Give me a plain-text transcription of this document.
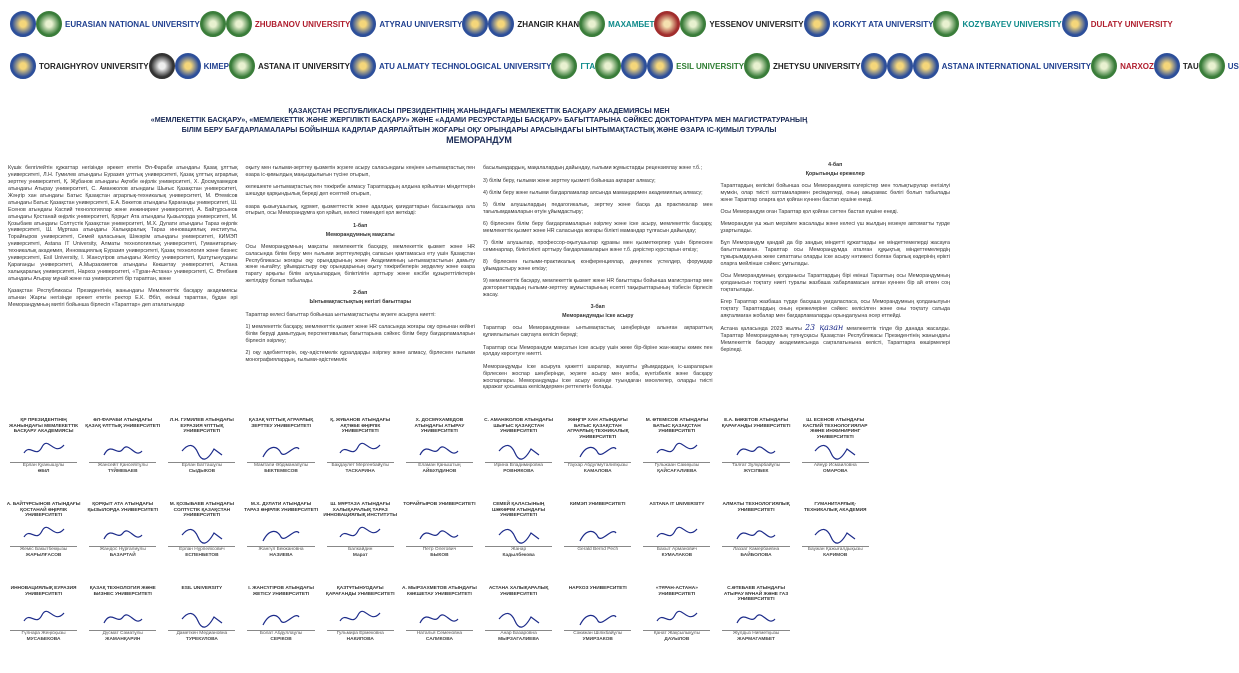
EURASIAN NATIONAL UNIVERSITY	ZHUBANOV UNIVERSITY	ATYRAU UNIVERSITY	ZHANGIR KHAN	МАХАМБЕТ	YESSENOV UNIVERSITY	KORKYT ATA UNIVERSITY	KOZYBAYEV UNIVERSITY	DULATY UNIVERSITY
TORAIGHYROV UNIVERSITY	KIMEP	ASTANA IT UNIVERSITY	ATU ALMATY TECHNOLOGICAL UNIVERSITY	ГТА	ESIL UNIVERSITY	ZHETYSU UNIVERSITY	ASTANA INTERNATIONAL UNIVERSITY	NARXOZ	TAU	US
ҚАЗАҚСТАН РЕСПУБЛИКАСЫ ПРЕЗИДЕНТІНІҢ ЖАНЫНДАҒЫ МЕМЛЕКЕТТІК БАСҚАРУ АКАДЕМИЯСЫ МЕН
«МЕМЛЕКЕТТІК БАСҚАРУ», «МЕМЛЕКЕТТІК ЖӘНЕ ЖЕРГІЛІКТІ БАСҚАРУ» ЖӘНЕ «АДАМИ РЕСУРСТАРДЫ БАСҚАРУ» БАҒЫТТАРЫНА СӘЙКЕС ДОКТОРАНТУРА МЕН МАГИСТРАТУРАНЫҢ
БІЛІМ БЕРУ БАҒДАРЛАМАЛАРЫ БОЙЫНША КАДРЛАР ДАЯРЛАЙТЫН ЖОҒАРЫ ОҚУ ОРЫНДАРЫ АРАСЫНДАҒЫ ЫНТЫМАҚТАСТЫҚ ЖӘНЕ ӨЗАРА ІС-ҚИМЫЛ ТУРАЛЫ
МЕМОРАНДУМ

Күшік белгілейтін құжаттар негізінде әрекет ететін Әл-Фараби атындағы Қазақ ұлттық университеті, Л.Н. Гумилев атындағы Еуразия ұлттық университеті, Қазақ ұлттық аграрлық зерттеу университеті, Қ. Жұбанов атындағы Ақтөбе өңірлік университеті, Х. Досмұхамедов атындағы Атырау университеті, С. Аманжолов атындағы Шығыс Қазақстан университеті, Жәңгір хан атындағы Батыс Қазақстан аграрлық-техникалық университеті, М. Өтемісов атындағы Батыс Қазақстан университеті, Е.А. Бөкетов атындағы Қарағанды университеті, Ш. Есенов атындағы Каспий технологиялар және инжиниринг университеті, А. Байтұрсынов атындағы Қостанай өңірлік университеті, Қорқыт Ата атындағы Қызылорда университеті, М. Қозыбаев атындағы Солтүстік Қазақстан университеті, М.Х. Дулати атындағы Тараз өңірлік университеті, Ш. Мұртаза атындағы Халықаралық Тараз инновациялық институты, Торайғыров университеті, Семей қаласының Шәкәрім атындағы университеті, КИМЭП университеті, Astana IT University, Алматы технологиялық университеті, Гуманитарлық-техникалық академия, Инновациялық Еуразия университеті, Қазақ технология және бизнес университеті, Esil University, І. Жансүгіров атындағы Жетісу университеті, Қазтұтынуодағы Қарағанды университеті, А.Мырзахметов атындағы Көкшетау университеті, Астана халықаралық университеті, Нархоз университеті, «Тұран-Астана» университеті, С. Өтебаев атындағы Атырау мұнай және газ университеті бір тараптан, және

Қазақстан Республикасы Президентінің жанындағы Мемлекеттік басқару академиясы атынан Жарғы негізінде әрекет ететін ректор Е.К. Әбіл, екінші тараптан, бұдан әрі Меморандумның митігі бойынша бірлесіп «Тараптар» деп аталатындар

оқыту мен ғылыми-зерттеу қызметін жүзеге асыру саласындағы кеңінен ынтымақтастық пен өзара іс-қимылдың маңыздылығын түсіне отырып,

келешекте ынтымақтастық пен тәжірибе алмасу Тараптардың алдына қойылған міндеттерін шешуде қарқындылық береді деп есептей отырып,

өзара қызығушылық, құрмет, қызметтестік және адалдық қағидаттарын басшылыққа ала отырып, осы Меморандумға қол қойып, келесі төмендегі қол жеткізді:

1-бап
Меморандумның мақсаты

Осы Меморандумның мақсаты мемлекеттік басқару, мемлекеттік қызмет және HR саласында білім беру мен ғылыми зерттеулердің сапасын қамтамасыз ету үшін Қазақстан Республикасы жоғары оқу орындарының және Академияның ынтымақтастығын дамыту және нығайту; ұйымдастыру оқу орындарының оқыту тәжірибелерін зерделеу және өзара тарату арқылы білім алушылардың біліктілігін арттыру және кәсіби құзыреттіліктерін жетілдіру болып табылады.

2-бап
Ынтымақтастықтың негізгі бағыттары

Тараптар келесі бағыттар бойынша ынтымақтастықты жүзеге асыруға ниетті:

1) мемлекеттік басқару, мемлекеттік қызмет және HR саласында жоғары оқу орнынан кейінгі білім беруді дамытудың перспективалық бағыттарына сәйкес білім беру бағдарламаларын бірлесіп әзірлеу;

2) оқу әдебиеттерін, оқу-әдістемелік құралдарды әзірлеу және алмасу, бірлескен ғылыми монографиялардың, ғылыми-әдістемелік

басылымдардың, мақалалардың дайындау, ғылыми жұмыстарды рецензиялау және т.б.;

3) білім беру, ғылыми және зерттеу қызметі бойынша ақпарат алмасу;

4) білім беру және ғылыми бағдарламалар аясында мамандармен академиялық алмасу;

5) білім алушылардың педагогикалық, зерттеу және басқа да практикалар мен тағылымдамаларын өтуін ұйымдастыру;

6) бірлескен білім беру бағдарламаларын әзірлеу және іске асыру, мемлекеттік басқару, мемлекеттік қызмет және HR саласында жоғары білікті мамандар тұлғасын дайындау;

7) білім алушылар, профессор-оқытушылар құрамы мен қызметкерлер үшін бірлескен семинарлар, біліктілікті арттыру бағдарламаларын және т.б. дәрістер курстарын өткізу;

8) бірлескен ғылыми-практикалық конференциялар, дөңгелек үстелдер, форумдар ұйымдастыру және өткізу;

9) мемлекеттік басқару, мемлекеттік қызмет және HR бағыттары бойынша магистрантар мен докторанттардың ғылыми-зерттеу жұмыстарының есепті тақырыптарының тізбесін бірлесіп жасау.

3-бап
Меморандумды іске асыру

Тараптар осы Меморандумнан ынтымақтастық шеңберінде алынған ақпараттың құпиялылығын сақтауға келісіп береді;

Тараптар осы Меморандум мақсатын іске асыру үшін жеке бір-бірінe жан-жақты көмек пен қолдау көрсетуге ниетті.

Меморандумды іске асыруға қажетті шаралар, жауапты ұйымдардың іс-шараларын бірлескен жоспар шеңберінде, жүзеге асыру мен жоба, күнтізбелік және басқару жоспарлары. Меморандумды іске асыру кезінде туындаған мәселелер, оларды тиісті қаражат қосымша келісімдермен реттелетін болады.

4-бап
Қорытынды ережелер

Тараптардың келісімі бойынша осы Меморандумға өзгерістер мен толықтырулар енгізілуі мүмкін, олар тиісті хаттамалармен ресімделеді, оның ажырамас бөлігі болып табылады және Тараптар оларға қол қойған күннен бастап күшіне енеді.

Осы Меморандум оған Тараптар қол қойған сәттен бастап күшіне енеді.

Меморандум үш жыл мерзімге жасалады және келесі үш жылдың кезеңге автоматты түрде ұзартылады.

Бұл Меморандум қандай да бір заңдық міндетті құжаттарды не міндеттемелерді жасауға бағытталмаған. Тараптар осы Меморандумда аталған құқықтық міндеттемелердің тұжырымдауына жеке сипаттағы оларды іске асыру нәтижесі болған барлық өздерінің ерікті оларға мейлінше сәйкес ұмтылады.

Осы Меморандумның қолданысы Тараптардың бірі екінші Тараптың осы Меморандумның қолданысын тоқтату ниеті туралы жазбаша хабарламасын алған күннен бір ай өткен соң тоқтатылады.

Егер Тараптар жазбаша түрде басқаша уағдаласпаса, осы Меморандумның қолданылуын тоқтату Тараптардың оның ережелеріне сәйкес келісілген және оны тоқтату сатыда аяқталмаған жобалар мен бағдарламаларды орындалуына әсер етпейді.

Астана қаласында 2023 жылғы 23 қазан мемлекеттік тілде бір данада жасалды. Тараптар Меморандумның түпнұсқасы Қазақстан Республикасы Президентінің жанындағы Мемлекеттік басқару академиясында сақталатынына келісті, Тараптарға көшірмелері беріледі.

ҚР ПРЕЗИДЕНТІНІҢ ЖАНЫНДАҒЫ МЕМЛЕКЕТТІК БАСҚАРУ АКАДЕМИЯСЫ
Ерлан Қуанышұлы
ӘБІЛ
ӘЛ-ФАРАБИ АТЫНДАҒЫ ҚАЗАҚ ҰЛТТЫҚ УНИВЕРСИТЕТІ
Жансейіт Қансейітұлы
ТҮЙМЕБАЕВ
Л.Н. ГУМИЛЕВ АТЫНДАҒЫ ЕУРАЗИЯ ҰЛТТЫҚ УНИВЕРСИТЕТІ
Ерлан Батташұлы
СЫДЫКОВ
ҚАЗАҚ ҰЛТТЫҚ АГРАРЛЫҚ ЗЕРТТЕУ УНИВЕРСИТЕТІ
Мамтали Әбдіманапұлы
БЕКТЕМЕСОВ
Қ. ЖҰБАНОВ АТЫНДАҒЫ АҚТӨБЕ ӨҢІРЛІК УНИВЕРСИТЕТІ
Бақдаулет Мергенбайұлы
ТАСКАРИНА
Х. ДОСМҰХАМЕДОВ АТЫНДАҒЫ АТЫРАУ УНИВЕРСИТЕТІ
Еламан Қаныштың
АЙБУЛДИНОВ
С. АМАНЖОЛОВ АТЫНДАҒЫ ШЫҒЫС ҚАЗАҚСТАН УНИВЕРСИТЕТІ
Ирина Владимировна
РОВНЯКОВА
ЖӘҢГІР ХАН АТЫНДАҒЫ БАТЫС ҚАЗАҚСТАН АГРАРЛЫҚ-ТЕХНИКАЛЫҚ УНИВЕРСИТЕТІ
Гаухар Абдулмуталипқызы
КАМАЛОВА
М. ӨТЕМІСОВ АТЫНДАҒЫ БАТЫС ҚАЗАҚСТАН УНИВЕРСИТЕТІ
Гульжаан Сакиқызы
ҚАЙСАҒАЛИЕВА
Е.А. БӨКЕТОВ АТЫНДАҒЫ ҚАРАҒАНДЫ УНИВЕРСИТЕТІ
Талғат Зұлқарбайұлы
ЖҮСІПБЕК
Ш. ЕСЕНОВ АТЫНДАҒЫ КАСПИЙ ТЕХНОЛОГИЯЛАР ЖӘНЕ ИНЖИНИРИНГ УНИВЕРСИТЕТІ
Айнұр Исмаиловна
ОМАРОВА
А. БАЙТҰРСЫНОВ АТЫНДАҒЫ ҚОСТАНАЙ ӨҢІРЛІК УНИВЕРСИТЕТІ
Жеміс Бакытбекқызы
ЖАРЫЛҒАСОВ
ҚОРҚЫТ АТА АТЫНДАҒЫ ҚЫЗЫЛОРДА УНИВЕРСИТЕТІ
Жандос Нұрғалиұлы
БАЗАРТАЙ
М. ҚОЗЫБАЕВ АТЫНДАҒЫ СОЛТҮСТІК ҚАЗАҚСТАН УНИВЕРСИТЕТІ
Ерлан Нұрпейісович
ЕСПЕНБЕТОВ
М.Х. ДУЛАТИ АТЫНДАҒЫ ТАРАЗ ӨҢІРЛІК УНИВЕРСИТЕТІ
Жангүл Бекжановна
НАЗИЕВА
Ш. МҰРТАЗА АТЫНДАҒЫ ХАЛЫҚАРАЛЫҚ ТАРАЗ ИННОВАЦИЯЛЫҚ ИНСТИТУТЫ
Балкайдин
Марат
ТОРАЙҒЫРОВ УНИВЕРСИТЕТІ
Петр Олегович
БЫКОВ
СЕМЕЙ ҚАЛАСЫНЫҢ ШӘКӘРІМ АТЫНДАҒЫ УНИВЕРСИТЕТІ
Жанар
Кадылбекова
КИМЭП УНИВЕРСИТЕТІ
Gerald Bernd Pech
ASTANA IT UNIVERSITY
Бахыт Арманович
КУМАЛАКОВ
АЛМАТЫ ТЕХНОЛОГИЯЛЫҚ УНИВЕРСИТЕТІ
Лаззат Камербаевна
БАЙБОЛОВА
ГУМАНИТАРЛЫҚ-ТЕХНИКАЛЫҚ АКАДЕМИЯ
Баужан Қажығалдықызы
КАРИМОВ
ИННОВАЦИЯЛЫҚ ЕУРАЗИЯ УНИВЕРСИТЕТІ
Гүлнара Жеңісқызы
МУСАБЕКОВА
ҚАЗАҚ ТЕХНОЛОГИЯ ЖӘНЕ БИЗНЕС УНИВЕРСИТЕТІ
Дүсмат Сəматұлы
ЖАМАНҚАРИН
ESIL UNIVERSITY
Даметкен Медиановна
ТУРЕКУЛОВА
І. ЖАНСҮГІРОВ АТЫНДАҒЫ ЖЕТІСУ УНИВЕРСИТЕТІ
Болат Абдуллаұлы
СЕРІКОВ
ҚАЗТҰТЫНУОДАҒЫ ҚАРАҒАНДЫ УНИВЕРСИТЕТІ
Гульмира Ермековна
НАКИПОВА
А. МЫРЗАХМЕТОВ АТЫНДАҒЫ КӨКШЕТАУ УНИВЕРСИТЕТІ
Наталья Семеновна
САЛИКОВА
АСТАНА ХАЛЫҚАРАЛЫҚ УНИВЕРСИТЕТІ
Анар Базаровна
МЫРЗАГАЛИЕВА
НАРХОЗ УНИВЕРСИТЕТІ
Сәкижан Шілікбайұлы
УМИРЗАКОВ
«ТҰРАН-АСТАНА» УНИВЕРСИТЕТІ
Қанат Жақсылықұлы
ДАУЫЛОВ
С.ӨТЕБАЕВ АТЫНДАҒЫ АТЫРАУ МҰНАЙ ЖӘНЕ ГАЗ УНИВЕРСИТЕТІ
Жұлдыз Ниғметқызы
ЖАРМАГАМБЕТ
